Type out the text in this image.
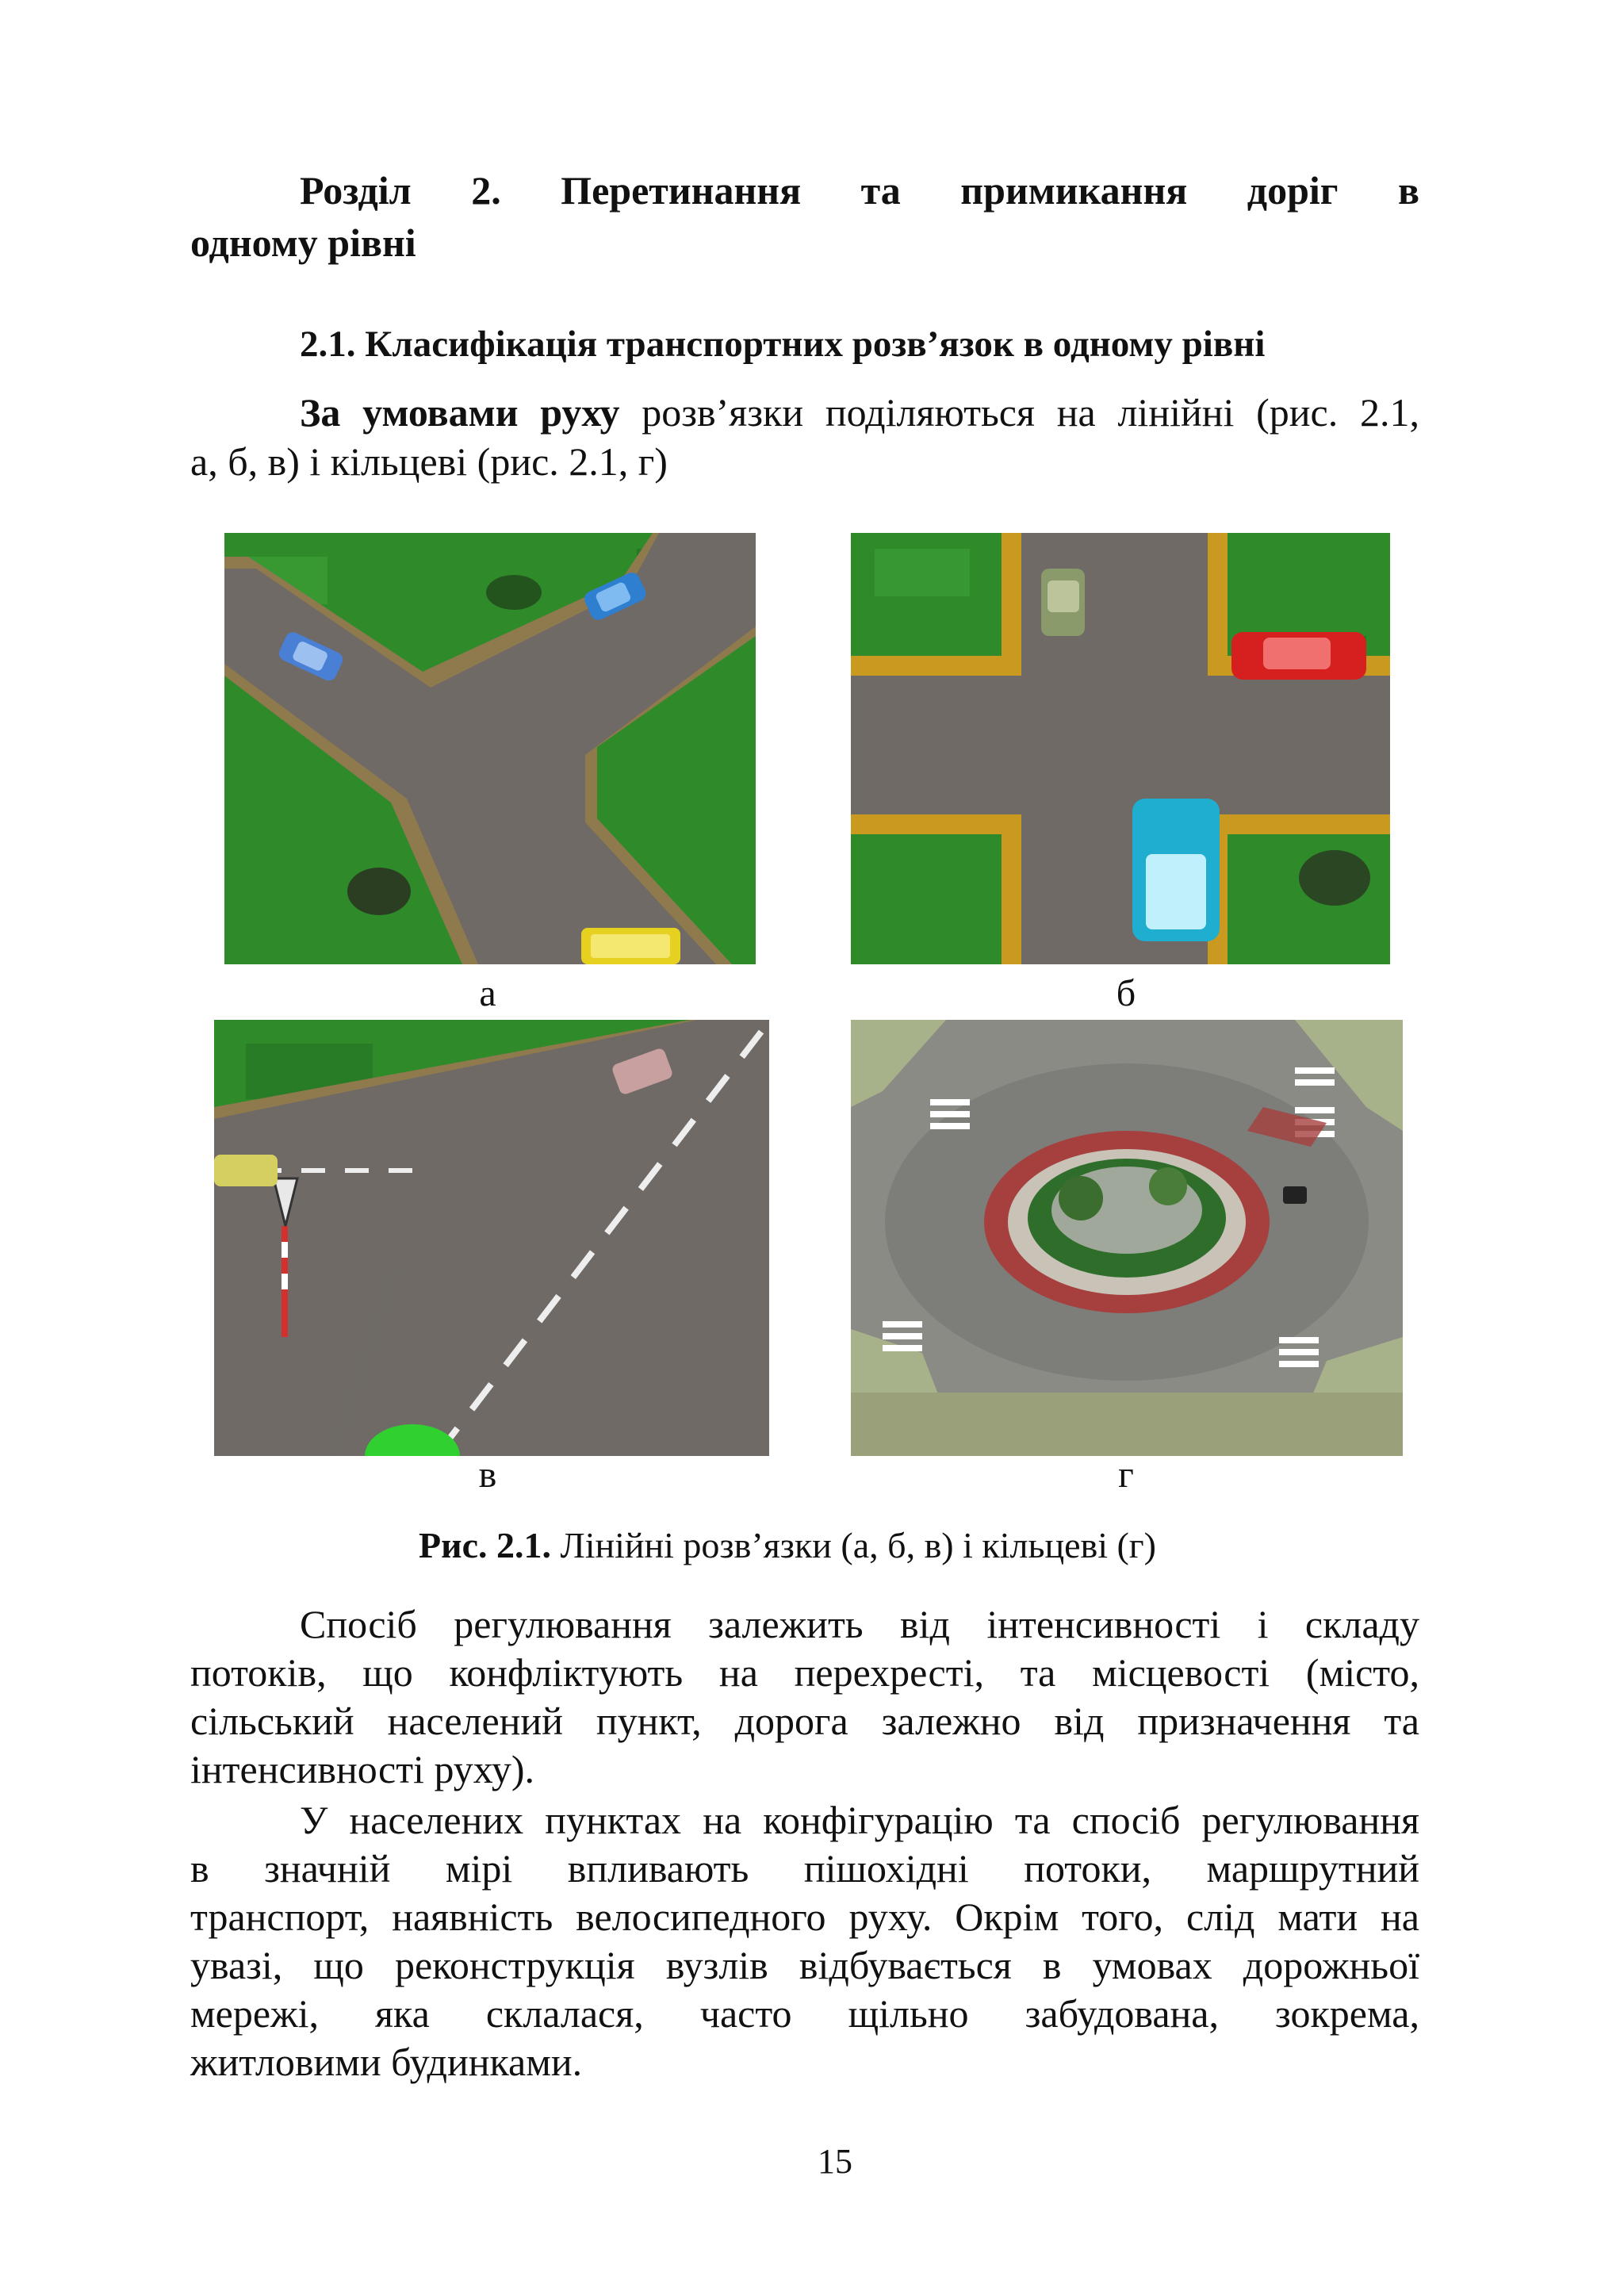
Розділ 2. Перетинання та примикання доріг в
одному рівні
2.1. Класифікація транспортних розв’язок в одному рівні
За умовами руху розв’язки поділяються на лінійні (рис. 2.1,
а, б, в) і кільцеві (рис. 2.1, г)
а	б
в	г
Рис. 2.1. Лінійні розв’язки (а, б, в) і кільцеві (г)
Спосіб регулювання залежить від інтенсивності і складу
потоків, що конфліктують на перехресті, та місцевості (місто,
сільський населений пункт, дорога залежно від призначення та
інтенсивності руху).
У населених пунктах на конфігурацію та спосіб регулювання
в значній мірі впливають пішохідні потоки, маршрутний
транспорт, наявність велосипедного руху. Окрім того, слід мати на
увазі, що реконструкція вузлів відбувається в умовах дорожньої
мережі, яка склалася, часто щільно забудована, зокрема,
житловими будинками.
15
